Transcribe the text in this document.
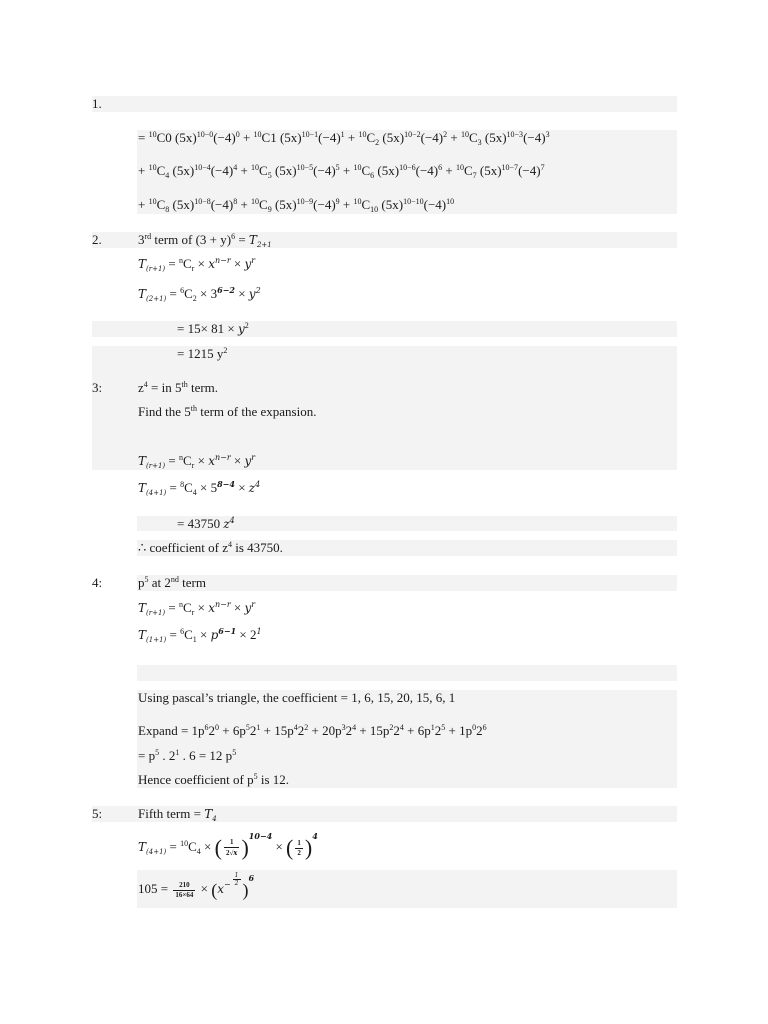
1.
= $^{10}$C0 $(5x)^{10-0}(-4)^0 + ^{10}C1$ $(5x)^{10-1}(-4)^1 + ^{10}C_2$ $(5x)^{10-2}(-4)^2 + ^{10}C_3$ $(5x)^{10-3}(-4)^3$
+ $^{10}C_4$ $(5x)^{10-4}(-4)^4 + ^{10}C_5$ $(5x)^{10-5}(-4)^5 + ^{10}C_6$ $(5x)^{10-6}(-4)^6 + ^{10}C_7$ $(5x)^{10-7}(-4)^7$
+ $^{10}C_8$ $(5x)^{10-8}(-4)^8 + ^{10}C_9$ $(5x)^{10-9}(-4)^9 + ^{10}C_{10}$ $(5x)^{10-10}(-4)^{10}$
2.	3rd term of $(3 + y)^6 = T_{2+1}$
$T_{(r+1)} = ^nC_r \times x^{n-r} \times y^r$
$T_{(2+1)} = ^6C_2 \times 3^{6-2} \times y^2$
= $15\times 81 \times y^2$
= 1215 $y^2$
3:	$z^4$ = in 5th term.
Find the 5th term of the expansion.
$T_{(r+1)} = ^nC_r \times x^{n-r} \times y^r$
$T_{(4+1)} = ^8C_4 \times 5^{8-4} \times z^4$
= 43750 $z^4$
∴ coefficient of $z^4$ is 43750.
4:	$p^5$ at 2nd term
$T_{(r+1)} = ^nC_r \times x^{n-r} \times y^r$
$T_{(1+1)} = ^6C_1 \times p^{6-1} \times 2^1$
Using pascal’s triangle, the coefficient = 1, 6, 15, 20, 15, 6, 1
Expand = $1p^62^0 + 6p^52^1 + 15p^42^2 + 20p^32^4 + 15p^22^4 + 6p^12^5 + 1p^02^6$
= $p^5$ . $2^1$ . 6 = 12 $p^5$
Hence coefficient of $p^5$ is 12.
5:	Fifth term = $T_4$
$T_{(4+1)} = ^{10}C_4$ × ( $\frac{1}{2√x} )^{10-4}$ × ( $\frac{1}{2} )^4$
$105 = \frac{210}{16\times 64} \times (x^{- \frac{1}{2}}$
)$^6$
